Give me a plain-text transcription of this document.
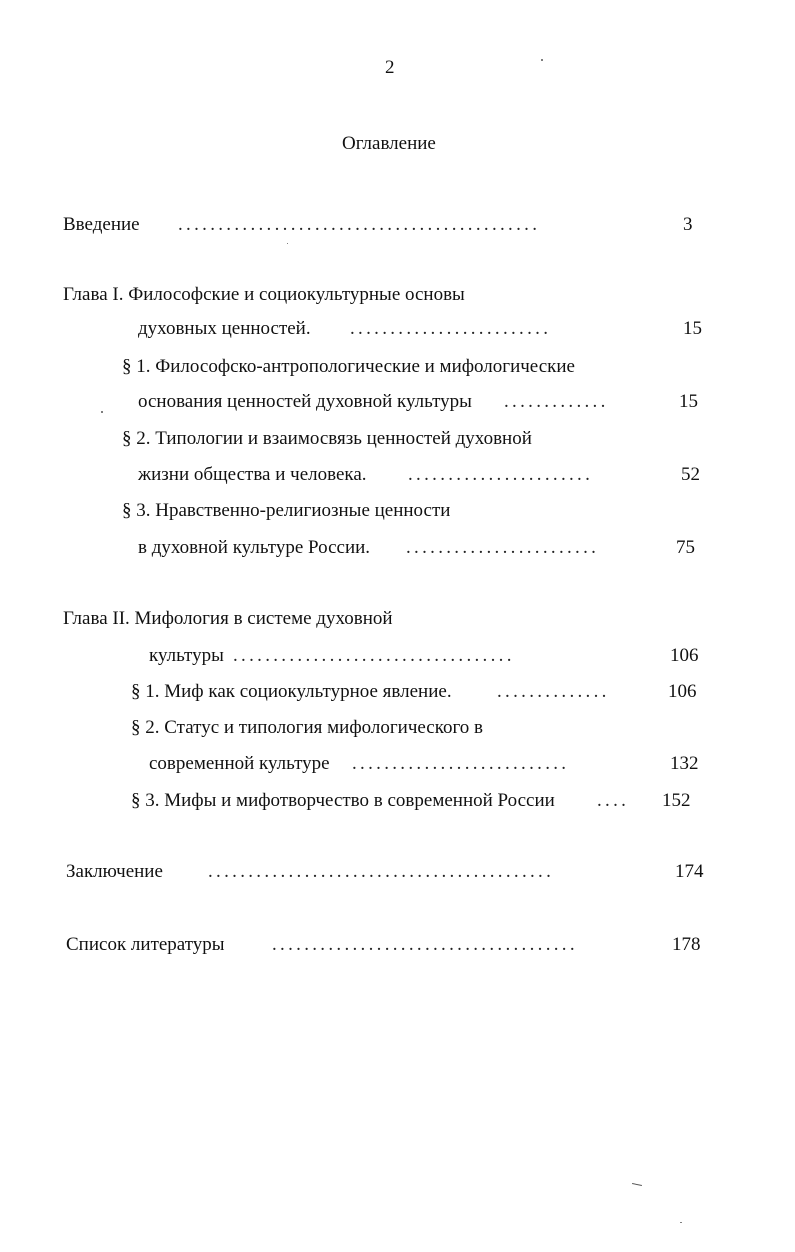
2
Оглавление
Введение .............................................	3
Глава I. Философские и социокультурные основы
духовных ценностей. .........................	15
§ 1. Философско-антропологические и мифологические
основания ценностей духовной культуры .............	15
§ 2. Типологии и взаимосвязь ценностей духовной
жизни общества и человека. .......................	52
§ 3. Нравственно-религиозные ценности
в духовной культуре России. ........................	75
Глава II. Мифология в системе духовной
культуры ...................................	106
§ 1. Миф как социокультурное явление. ..............	106
§ 2. Статус и типология мифологического в
современной культуре ...........................	132
§ 3. Мифы и мифотворчество в современной России .... 152
Заключение ...........................................	174
Список литературы ......................................	178
